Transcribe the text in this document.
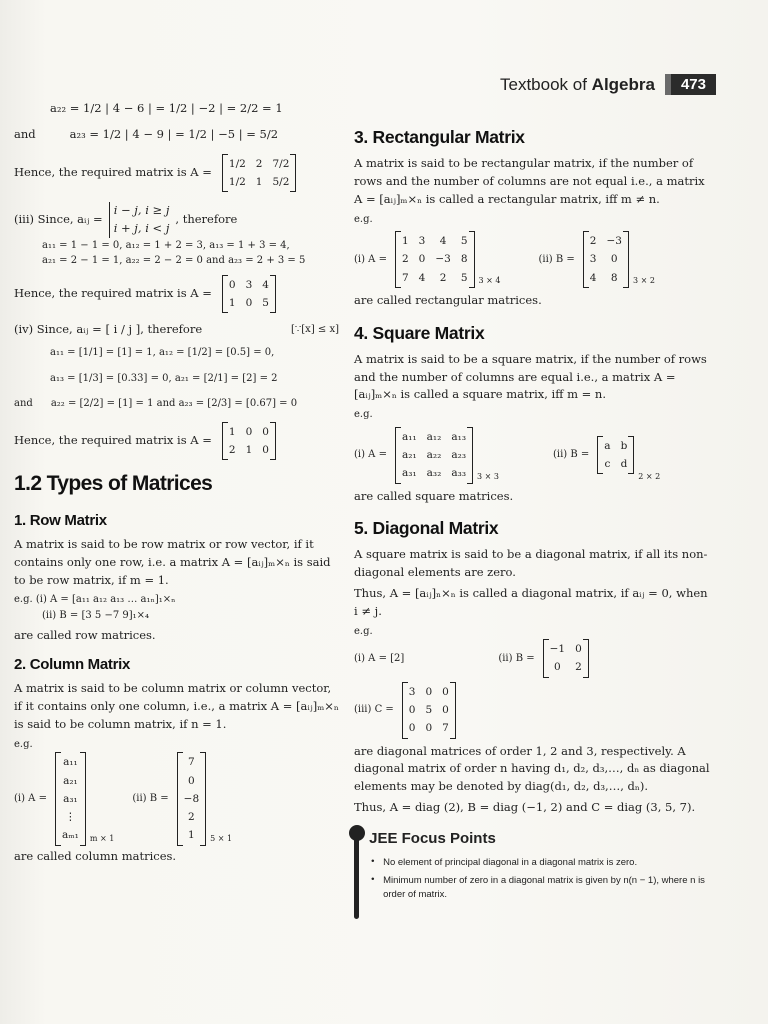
Textbook of Algebra	473
a₂₂ = 1/2 | 4 − 6 | = 1/2 | −2 | = 2/2 = 1
and	a₂₃ = 1/2 | 4 − 9 | = 1/2 | −5 | = 5/2
Hence, the required matrix is A =
1/2 2 7/2
1/2 1 5/2
(iii) Since, aᵢⱼ =
i − j, i ≥ j
i + j, i < j
, therefore
a₁₁ = 1 − 1 = 0, a₁₂ = 1 + 2 = 3, a₁₃ = 1 + 3 = 4,
a₂₁ = 2 − 1 = 1, a₂₂ = 2 − 2 = 0 and a₂₃ = 2 + 3 = 5
Hence, the required matrix is A =
0 3 4
1 0 5
(iv) Since, aᵢⱼ = [ i / j ], therefore	[∵[x] ≤ x]
a₁₁ = [1/1] = [1] = 1, a₁₂ = [1/2] = [0.5] = 0,
a₁₃ = [1/3] = [0.33] = 0, a₂₁ = [2/1] = [2] = 2
and	a₂₂ = [2/2] = [1] = 1 and a₂₃ = [2/3] = [0.67] = 0
Hence, the required matrix is A =
1 0 0
2 1 0
1.2 Types of Matrices
1. Row Matrix

A matrix is said to be row matrix or row vector, if it contains only one row, i.e. a matrix A = [aᵢⱼ]ₘ×ₙ is said to be row matrix, if m = 1.

e.g. (i) A = [a₁₁ a₁₂ a₁₃ … a₁ₙ]₁×ₙ
(ii) B = [3 5 −7 9]₁×₄
are called row matrices.
2. Column Matrix

A matrix is said to be column matrix or column vector, if it contains only one column, i.e., a matrix A = [aᵢⱼ]ₘ×ₙ is said to be column matrix, if n = 1.

e.g.
(i) A =
a₁₁
a₂₁
a₃₁
⋮
aₘ₁ m × 1
(ii) B =
7
0
−8
2
1	5 × 1
are called column matrices.
3. Rectangular Matrix

A matrix is said to be rectangular matrix, if the number of rows and the number of columns are not equal i.e., a matrix A = [aᵢⱼ]ₘ×ₙ is called a rectangular matrix, iff m ≠ n.

e.g.
(i) A =
1 3	4	5
2 0 −3 8
7 4	2	5 3 × 4
(ii) B =
2 −3
3	0
4	8	3 × 2
are called rectangular matrices.
4. Square Matrix

A matrix is said to be a square matrix, if the number of rows and the number of columns are equal i.e., a matrix A = [aᵢⱼ]ₘ×ₙ is called a square matrix, iff m = n.

e.g.
(i) A =
a₁₁ a₁₂ a₁₃
a₂₁ a₂₂ a₂₃
a₃₁ a₃₂ a₃₃ 3 × 3
(ii) B =
a b
c d
2 × 2
are called square matrices.
5. Diagonal Matrix

A square matrix is said to be a diagonal matrix, if all its non-diagonal elements are zero.

Thus, A = [aᵢⱼ]ₙ×ₙ is called a diagonal matrix, if aᵢⱼ = 0, when i ≠ j.

e.g.
(i) A = [2]	(ii) B =
−1 0
0	2
(iii) C =
3 0 0
0 5 0
0 0 7

are diagonal matrices of order 1, 2 and 3, respectively. A diagonal matrix of order n having d₁, d₂, d₃,…, dₙ as diagonal elements may be denoted by diag(d₁, d₂, d₃,…, dₙ).

Thus, A = diag (2), B = diag (−1, 2) and C = diag (3, 5, 7).

JEE Focus Points
• No element of principal diagonal in a diagonal matrix is zero.
• Minimum number of zero in a diagonal matrix is given by n(n − 1), where n is order of matrix.
